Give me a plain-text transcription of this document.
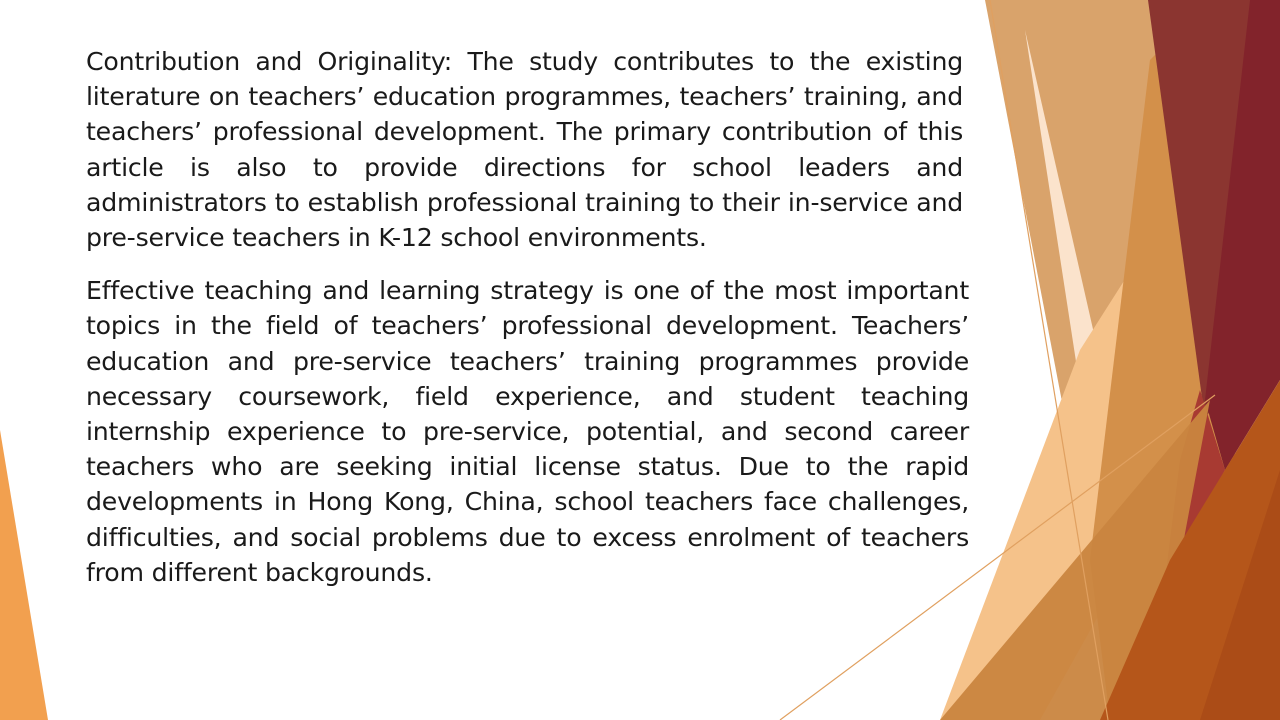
Contribution and Originality: The study contributes to the existing literature on teachers’ education programmes, teachers’ training, and teachers’ professional development. The primary contribution of this article is also to provide directions for school leaders and administrators to establish professional training to their in-service and pre-service teachers in K-12 school environments.

Effective teaching and learning strategy is one of the most important topics in the field of teachers’ professional development. Teachers’ education and pre-service teachers’ training programmes provide necessary coursework, field experience, and student teaching internship experience to pre-service, potential, and second career teachers who are seeking initial license status. Due to the rapid developments in Hong Kong, China, school teachers face challenges, difficulties, and social problems due to excess enrolment of teachers from different backgrounds.
